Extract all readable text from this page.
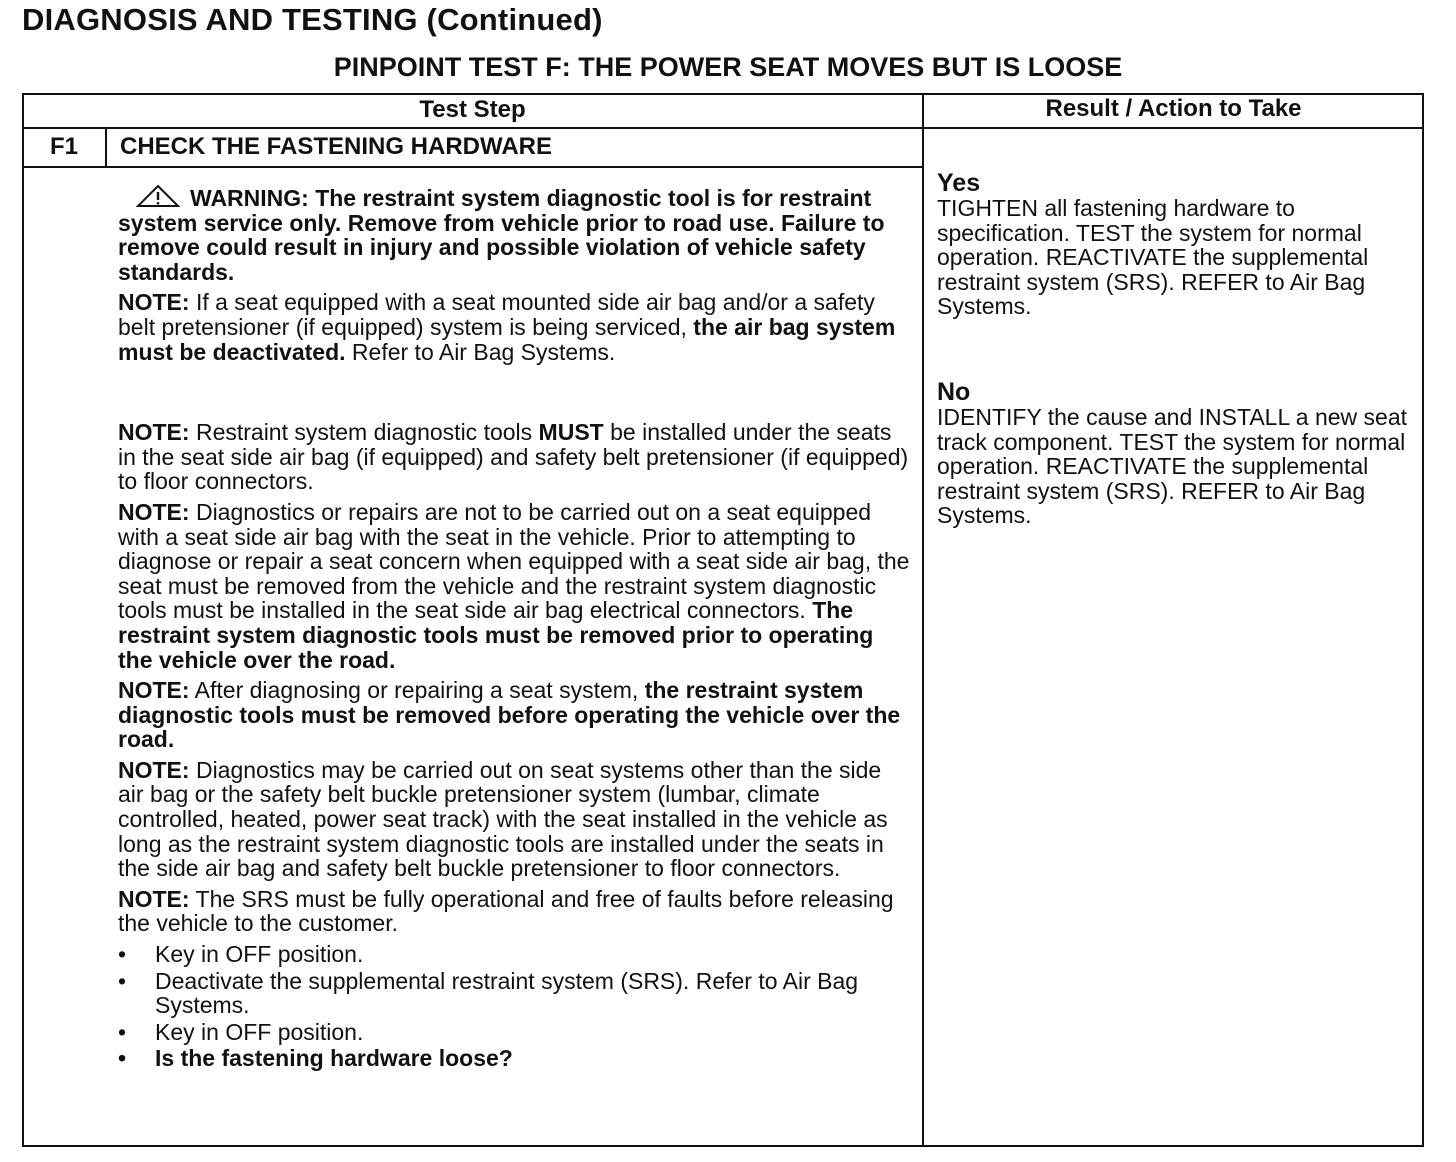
DIAGNOSIS AND TESTING (Continued)
PINPOINT TEST F: THE POWER SEAT MOVES BUT IS LOOSE
Test Step	Result / Action to Take
F1	CHECK THE FASTENING HARDWARE
WARNING: The restraint system diagnostic tool is for restraint system service only. Remove from vehicle prior to road use. Failure to remove could result in injury and possible violation of vehicle safety standards.

NOTE: If a seat equipped with a seat mounted side air bag and/or a safety belt pretensioner (if equipped) system is being serviced, the air bag system must be deactivated. Refer to Air Bag Systems.

NOTE: Restraint system diagnostic tools MUST be installed under the seats in the seat side air bag (if equipped) and safety belt pretensioner (if equipped) to floor connectors.

NOTE: Diagnostics or repairs are not to be carried out on a seat equipped with a seat side air bag with the seat in the vehicle. Prior to attempting to diagnose or repair a seat concern when equipped with a seat side air bag, the seat must be removed from the vehicle and the restraint system diagnostic tools must be installed in the seat side air bag electrical connectors. The restraint system diagnostic tools must be removed prior to operating the vehicle over the road.

NOTE: After diagnosing or repairing a seat system, the restraint system diagnostic tools must be removed before operating the vehicle over the road.

NOTE: Diagnostics may be carried out on seat systems other than the side air bag or the safety belt buckle pretensioner system (lumbar, climate controlled, heated, power seat track) with the seat installed in the vehicle as long as the restraint system diagnostic tools are installed under the seats in the side air bag and safety belt buckle pretensioner to floor connectors.

NOTE: The SRS must be fully operational and free of faults before releasing the vehicle to the customer.

• Key in OFF position.
• Deactivate the supplemental restraint system (SRS). Refer to Air Bag Systems.
• Key in OFF position.
• Is the fastening hardware loose?

Yes

TIGHTEN all fastening hardware to specification. TEST the system for normal operation. REACTIVATE the supplemental restraint system (SRS). REFER to Air Bag Systems.

No

IDENTIFY the cause and INSTALL a new seat track component. TEST the system for normal operation. REACTIVATE the supplemental restraint system (SRS). REFER to Air Bag Systems.
